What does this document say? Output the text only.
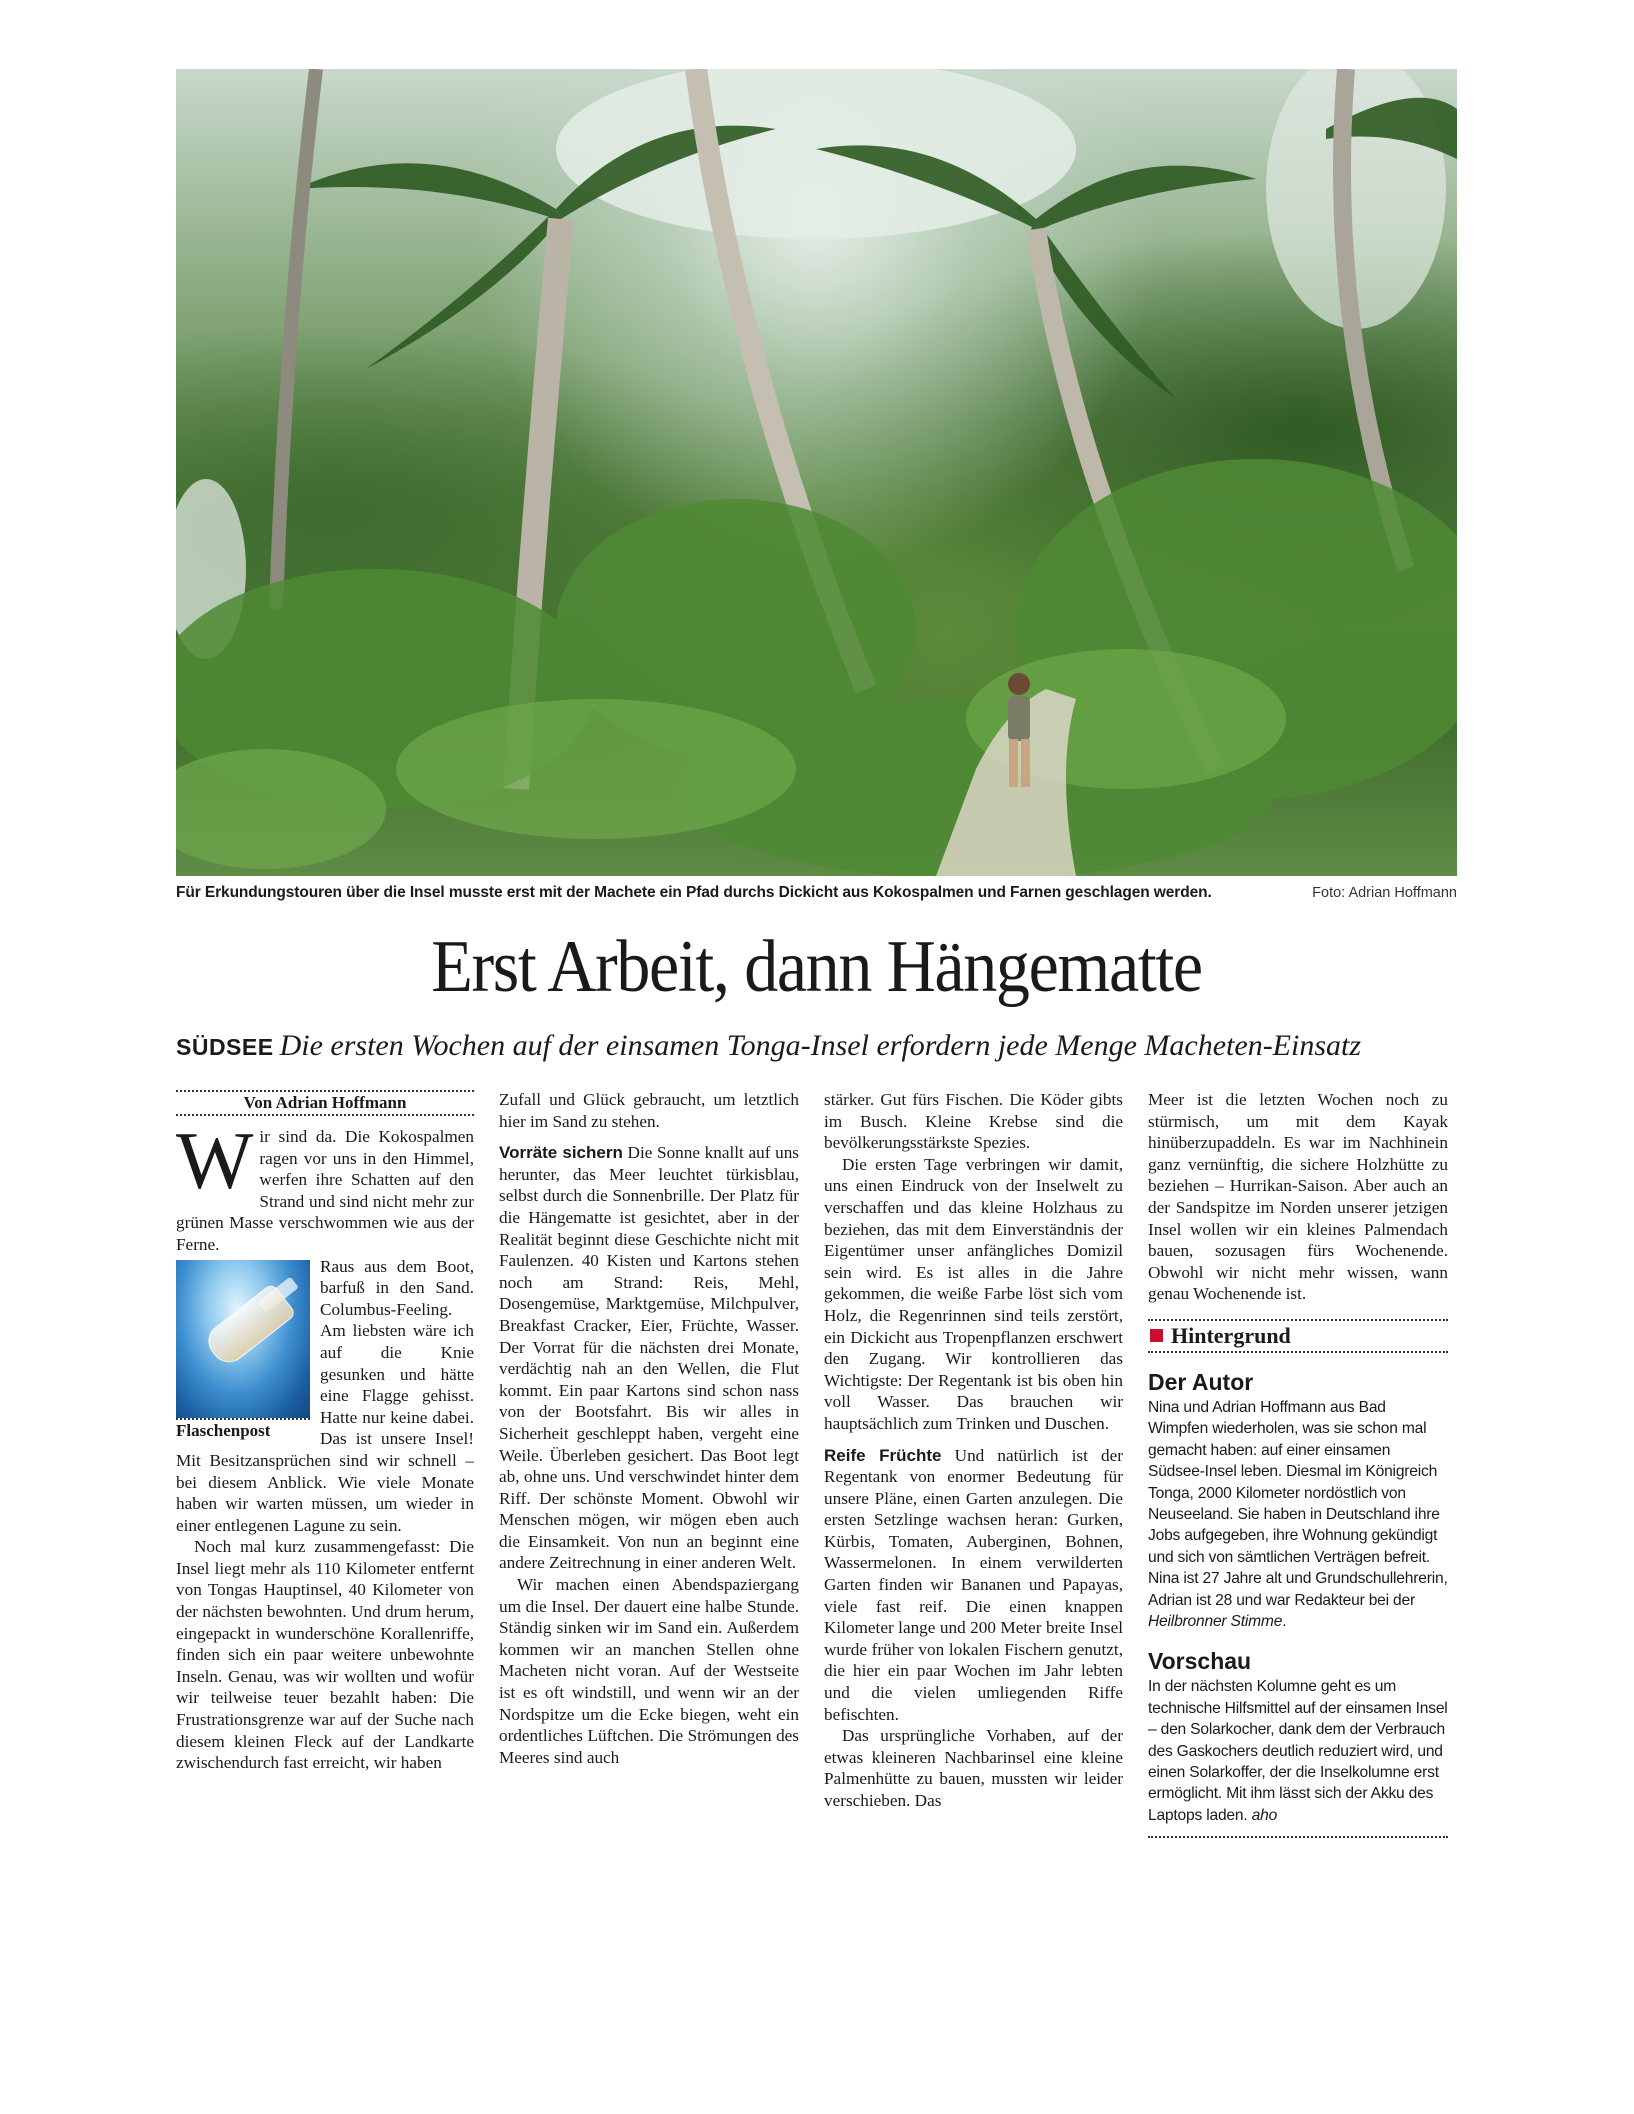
Für Erkundungstouren über die Insel musste erst mit der Machete ein Pfad durchs Dickicht aus Kokospalmen und Farnen geschlagen werden.	Foto: Adrian Hoffmann
Erst Arbeit, dann Hängematte
SÜDSEE Die ersten Wochen auf der einsamen Tonga-Insel erfordern jede Menge Macheten-Einsatz
Von Adrian Hoffmann

Wir sind da. Die Kokospalmen ragen vor uns in den Himmel, werfen ihre Schatten auf den Strand und sind nicht mehr zur grünen Masse verschwommen wie aus der Ferne.

Flaschenpost

Raus aus dem Boot, barfuß in den Sand. Columbus-Feeling. Am liebsten wäre ich auf die Knie gesunken und hätte eine Flagge gehisst. Hatte nur keine dabei. Das ist unsere Insel! Mit Besitzansprüchen sind wir schnell – bei diesem Anblick. Wie viele Monate haben wir warten müssen, um wieder in einer entlegenen Lagune zu sein.

Noch mal kurz zusammengefasst: Die Insel liegt mehr als 110 Kilometer entfernt von Tongas Hauptinsel, 40 Kilometer von der nächsten bewohnten. Und drum herum, eingepackt in wunderschöne Korallenriffe, finden sich ein paar weitere unbewohnte Inseln. Genau, was wir wollten und wofür wir teilweise teuer bezahlt haben: Die Frustrationsgrenze war auf der Suche nach diesem kleinen Fleck auf der Landkarte zwischendurch fast erreicht, wir haben

Zufall und Glück gebraucht, um letztlich hier im Sand zu stehen.

Vorräte sichern Die Sonne knallt auf uns herunter, das Meer leuchtet türkisblau, selbst durch die Sonnenbrille. Der Platz für die Hängematte ist gesichtet, aber in der Realität beginnt diese Geschichte nicht mit Faulenzen. 40 Kisten und Kartons stehen noch am Strand: Reis, Mehl, Dosengemüse, Marktgemüse, Milchpulver, Breakfast Cracker, Eier, Früchte, Wasser. Der Vorrat für die nächsten drei Monate, verdächtig nah an den Wellen, die Flut kommt. Ein paar Kartons sind schon nass von der Bootsfahrt. Bis wir alles in Sicherheit geschleppt haben, vergeht eine Weile. Überleben gesichert. Das Boot legt ab, ohne uns. Und verschwindet hinter dem Riff. Der schönste Moment. Obwohl wir Menschen mögen, wir mögen eben auch die Einsamkeit. Von nun an beginnt eine andere Zeitrechnung in einer anderen Welt.

Wir machen einen Abendspaziergang um die Insel. Der dauert eine halbe Stunde. Ständig sinken wir im Sand ein. Außerdem kommen wir an manchen Stellen ohne Macheten nicht voran. Auf der Westseite ist es oft windstill, und wenn wir an der Nordspitze um die Ecke biegen, weht ein ordentliches Lüftchen. Die Strömungen des Meeres sind auch

stärker. Gut fürs Fischen. Die Köder gibts im Busch. Kleine Krebse sind die bevölkerungsstärkste Spezies.

Die ersten Tage verbringen wir damit, uns einen Eindruck von der Inselwelt zu verschaffen und das kleine Holzhaus zu beziehen, das mit dem Einverständnis der Eigentümer unser anfängliches Domizil sein wird. Es ist alles in die Jahre gekommen, die weiße Farbe löst sich vom Holz, die Regenrinnen sind teils zerstört, ein Dickicht aus Tropenpflanzen erschwert den Zugang. Wir kontrollieren das Wichtigste: Der Regentank ist bis oben hin voll Wasser. Das brauchen wir hauptsächlich zum Trinken und Duschen.

Reife Früchte Und natürlich ist der Regentank von enormer Bedeutung für unsere Pläne, einen Garten anzulegen. Die ersten Setzlinge wachsen heran: Gurken, Kürbis, Tomaten, Auberginen, Bohnen, Wassermelonen. In einem verwilderten Garten finden wir Bananen und Papayas, viele fast reif. Die einen knappen Kilometer lange und 200 Meter breite Insel wurde früher von lokalen Fischern genutzt, die hier ein paar Wochen im Jahr lebten und die vielen umliegenden Riffe befischten.

Das ursprüngliche Vorhaben, auf der etwas kleineren Nachbarinsel eine kleine Palmenhütte zu bauen, mussten wir leider verschieben. Das

Meer ist die letzten Wochen noch zu stürmisch, um mit dem Kayak hinüberzupaddeln. Es war im Nachhinein ganz vernünftig, die sichere Holzhütte zu beziehen – Hurrikan-Saison. Aber auch an der Sandspitze im Norden unserer jetzigen Insel wollen wir ein kleines Palmendach bauen, sozusagen fürs Wochenende. Obwohl wir nicht mehr wissen, wann genau Wochenende ist.

Hintergrund
Der Autor
Nina und Adrian Hoffmann aus Bad Wimpfen wiederholen, was sie schon mal gemacht haben: auf einer einsamen Südsee-Insel leben. Diesmal im Königreich Tonga, 2000 Kilometer nordöstlich von Neuseeland. Sie haben in Deutschland ihre Jobs aufgegeben, ihre Wohnung gekündigt und sich von sämtlichen Verträgen befreit. Nina ist 27 Jahre alt und Grundschullehrerin, Adrian ist 28 und war Redakteur bei der Heilbronner Stimme.
Vorschau
In der nächsten Kolumne geht es um technische Hilfsmittel auf der einsamen Insel – den Solarkocher, dank dem der Verbrauch des Gaskochers deutlich reduziert wird, und einen Solarkoffer, der die Inselkolumne erst ermöglicht. Mit ihm lässt sich der Akku des Laptops laden. aho
